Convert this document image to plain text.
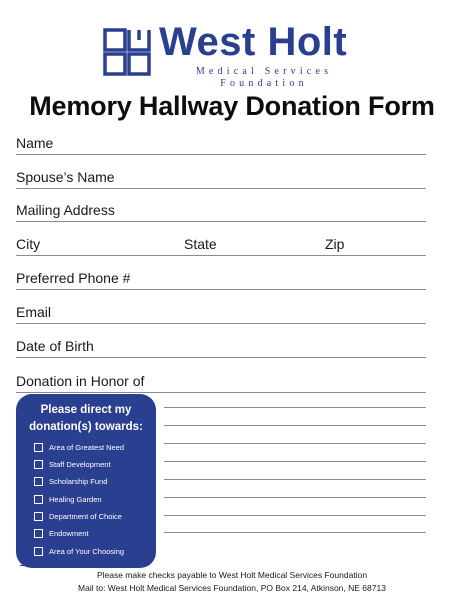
West Holt
Medical Services
Foundation
Memory Hallway Donation Form
Name
Spouse’s Name
Mailing Address
City	State	Zip
Preferred Phone #
Email
Date of Birth
Donation in Honor of
Please direct my
donation(s) towards:
Area of Greatest Need
Staff Development
Scholarship Fund
Healing Garden
Department of Choice
Endowment
Area of Your Choosing
Please make checks payable to West Holt Medical Services Foundation
Mail to: West Holt Medical Services Foundation, PO Box 214, Atkinson, NE 68713
